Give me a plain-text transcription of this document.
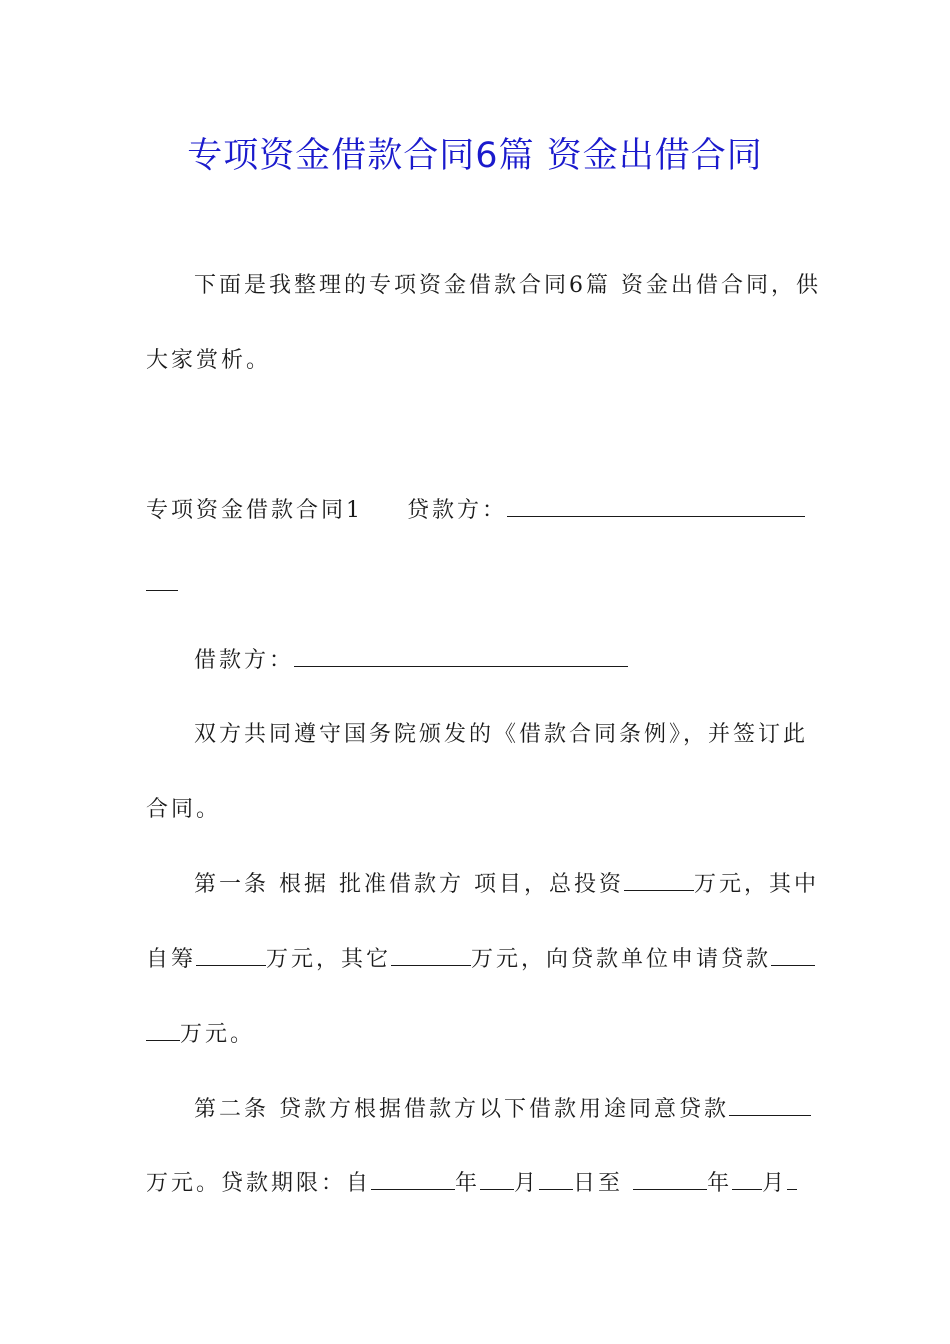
专项资金借款合同6篇 资金出借合同
下面是我整理的专项资金借款合同6篇 资金出借合同，供
大家赏析。
专项资金借款合同1 贷款方：
借款方：
双方共同遵守国务院颁发的《借款合同条例》，并签订此
合同。
第一条 根据 批准借款方 项目，总投资	万元，其中
自筹	万元，其它	万元，向贷款单位申请贷款
万元。
第二条 贷款方根据借款方以下借款用途同意贷款
万元。贷款期限：自	年 月 日至	年 月
